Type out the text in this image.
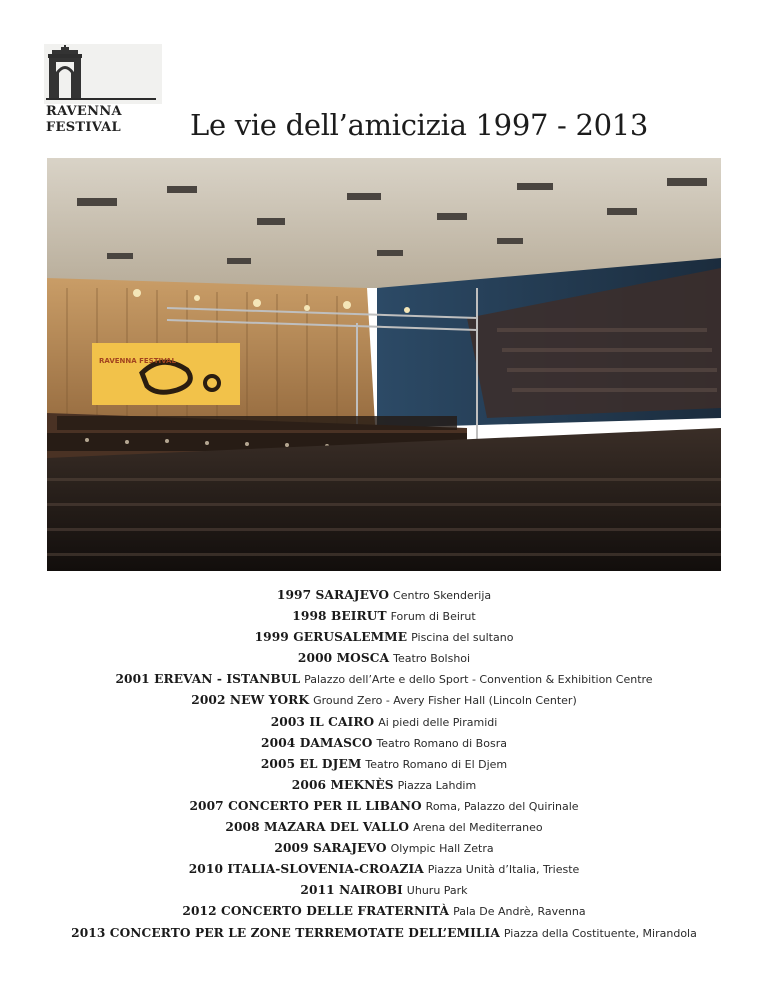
RAVENNA
FESTIVAL Le vie dell’amicizia 1997 - 2013
RAVENNA FESTIVAL
1997 SARAJEVO Centro Skenderija
1998 BEIRUT Forum di Beirut
1999 GERUSALEMME Piscina del sultano
2000 MOSCA Teatro Bolshoi
2001 EREVAN - ISTANBUL Palazzo dell’Arte e dello Sport - Convention & Exhibition Centre
2002 NEW YORK Ground Zero - Avery Fisher Hall (Lincoln Center)
2003 IL CAIRO Ai piedi delle Piramidi
2004 DAMASCO Teatro Romano di Bosra
2005 EL DJEM Teatro Romano di El Djem
2006 MEKNÈS Piazza Lahdim
2007 CONCERTO PER IL LIBANO Roma, Palazzo del Quirinale
2008 MAZARA DEL VALLO Arena del Mediterraneo
2009 SARAJEVO Olympic Hall Zetra
2010 ITALIA-SLOVENIA-CROAZIA Piazza Unità d’Italia, Trieste
2011 NAIROBI Uhuru Park
2012 CONCERTO DELLE FRATERNITÀ Pala De Andrè, Ravenna
2013 CONCERTO PER LE ZONE TERREMOTATE DELL’EMILIA Piazza della Costituente, Mirandola
